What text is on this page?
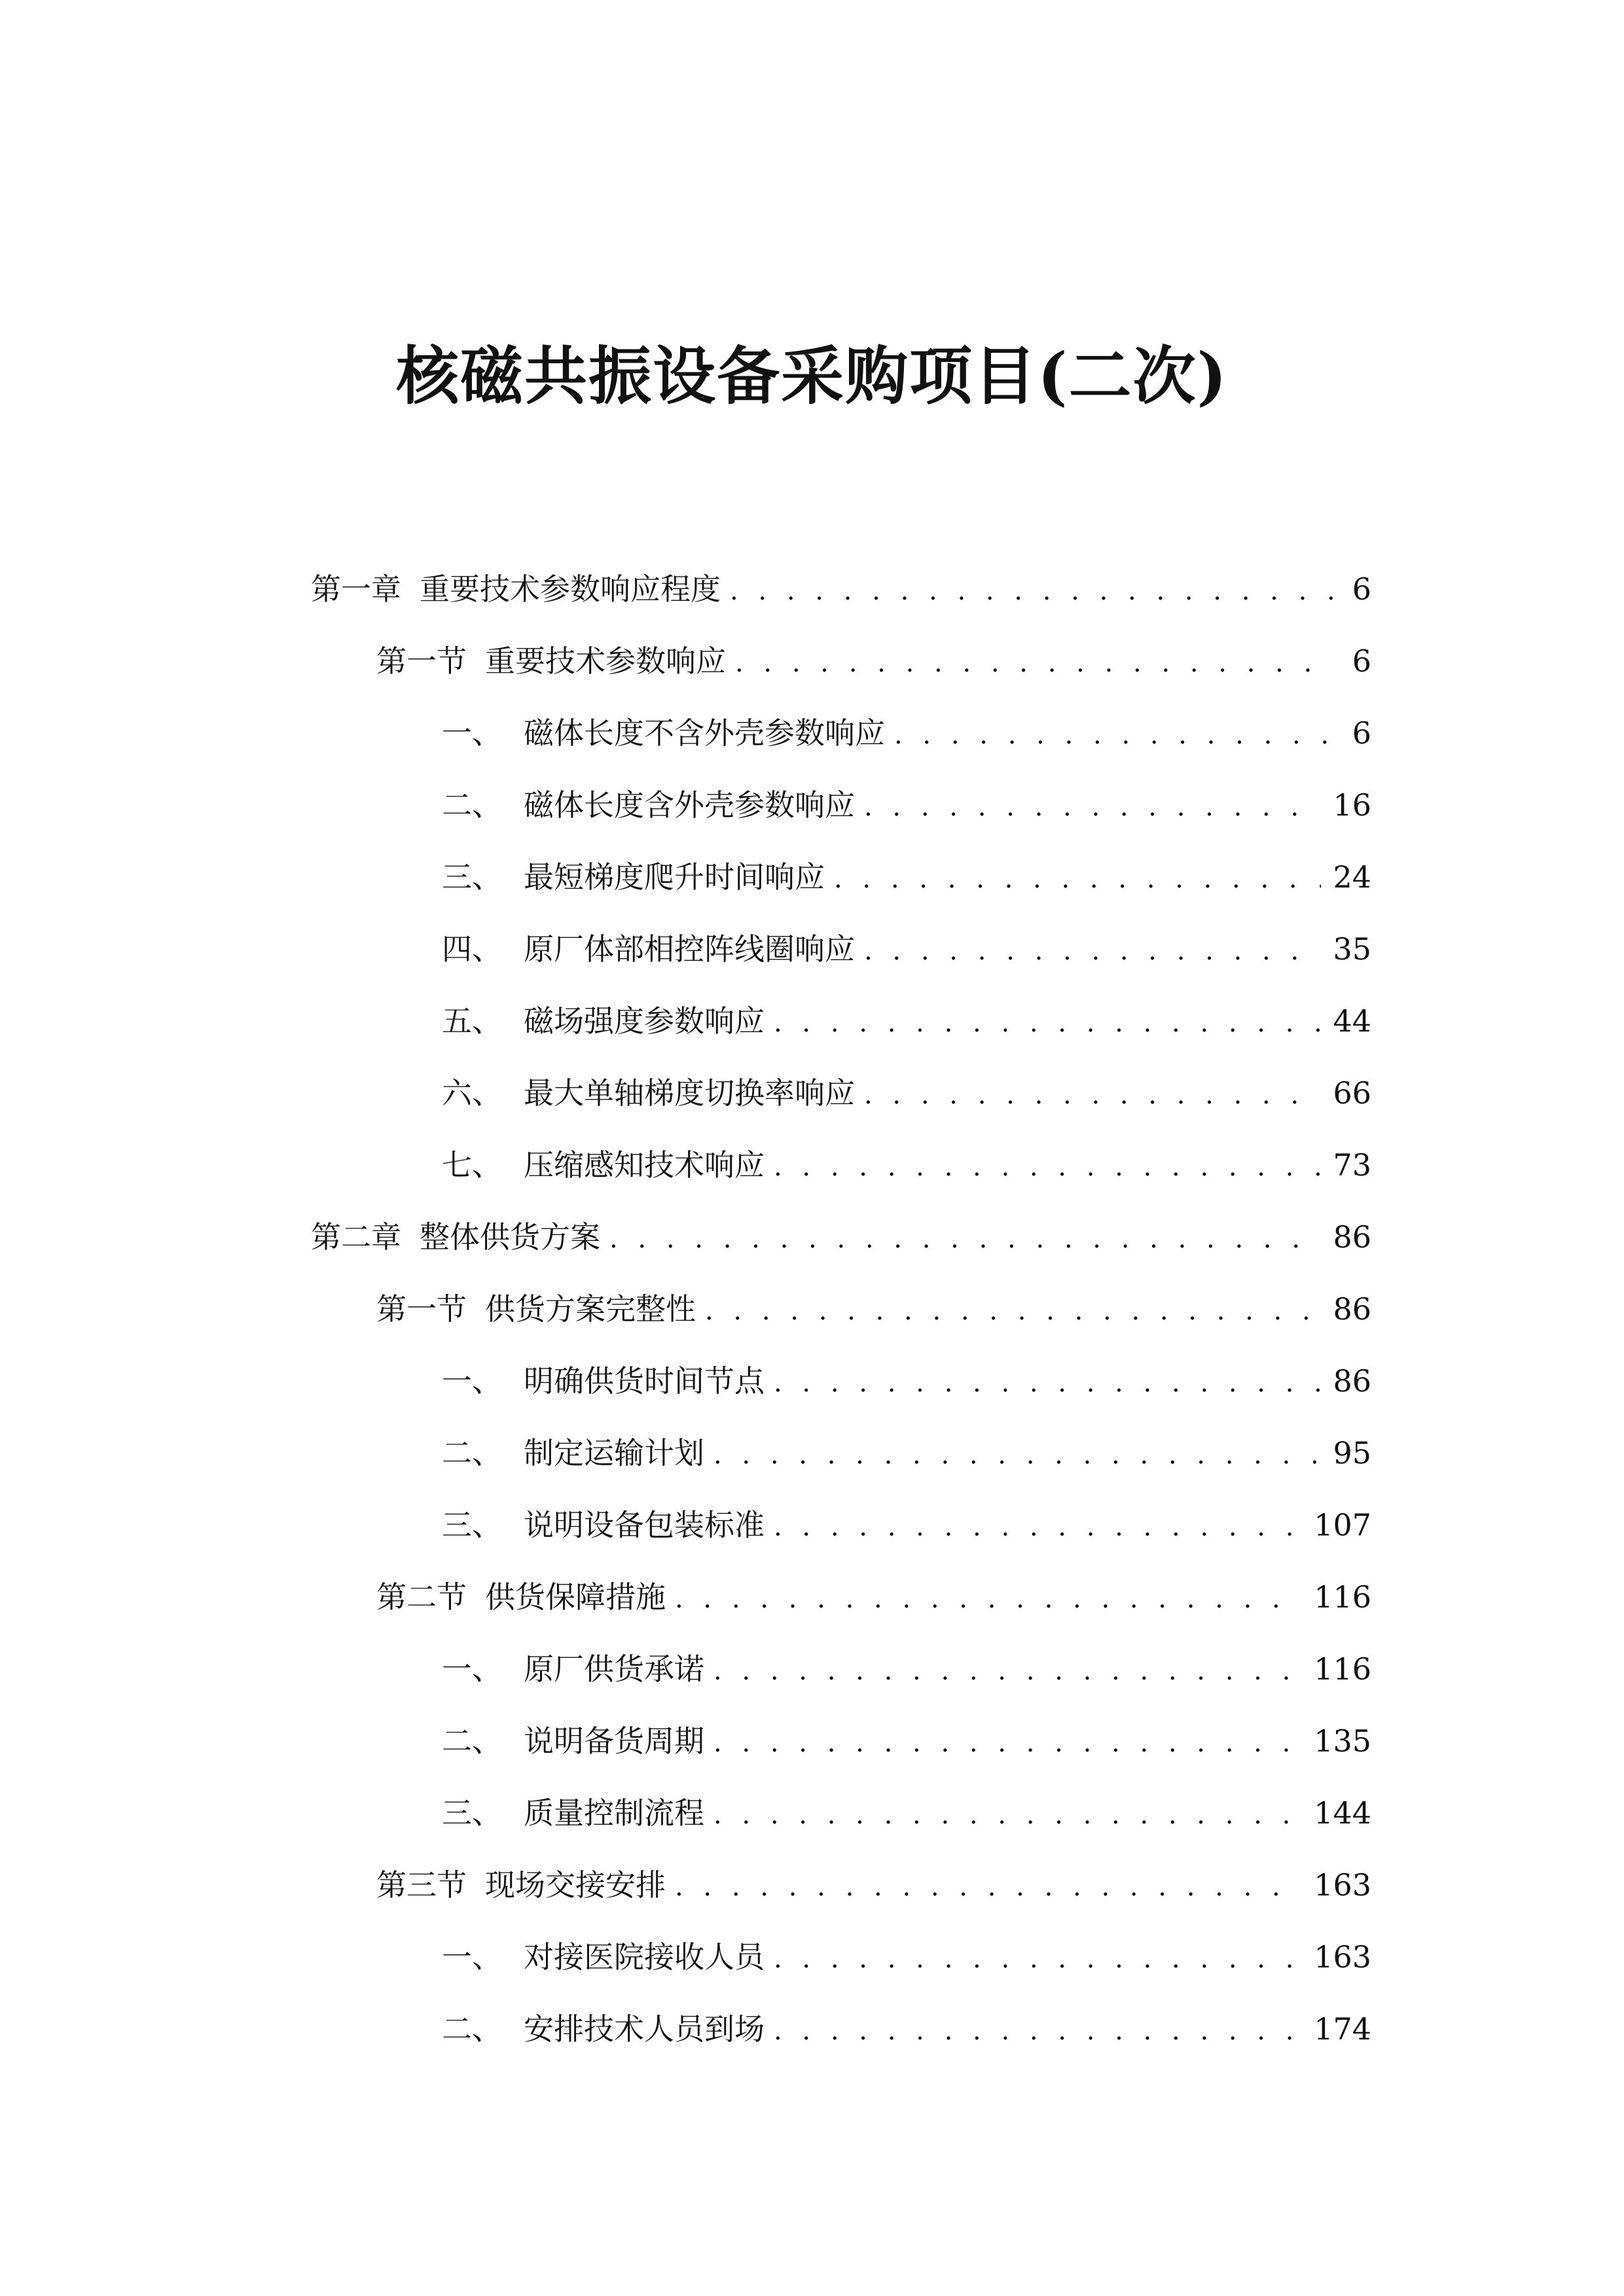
核磁共振设备采购项目(二次)
第一章 重要技术参数响应程度 . . .	6
第一节 重要技术参数响应 . . .	6
一、 磁体长度不含外壳参数响应 . . .	6
二、 磁体长度含外壳参数响应 . . .	16
三、 最短梯度爬升时间响应 . . .	24
四、 原厂体部相控阵线圈响应 . . .	35
五、 磁场强度参数响应 . . .	44
六、 最大单轴梯度切换率响应 . . .	66
七、 压缩感知技术响应 . . .	73
第二章 整体供货方案 . . .	86
第一节 供货方案完整性 . . .	86
一、 明确供货时间节点 . . .	86
二、 制定运输计划 . . .	95
三、 说明设备包装标准 . . .	107
第二节 供货保障措施 . . .	116
一、 原厂供货承诺 . . .	116
二、 说明备货周期 . . .	135
三、 质量控制流程 . . .	144
第三节 现场交接安排 . . .	163
一、 对接医院接收人员 . . .	163
二、 安排技术人员到场 . . .	174
